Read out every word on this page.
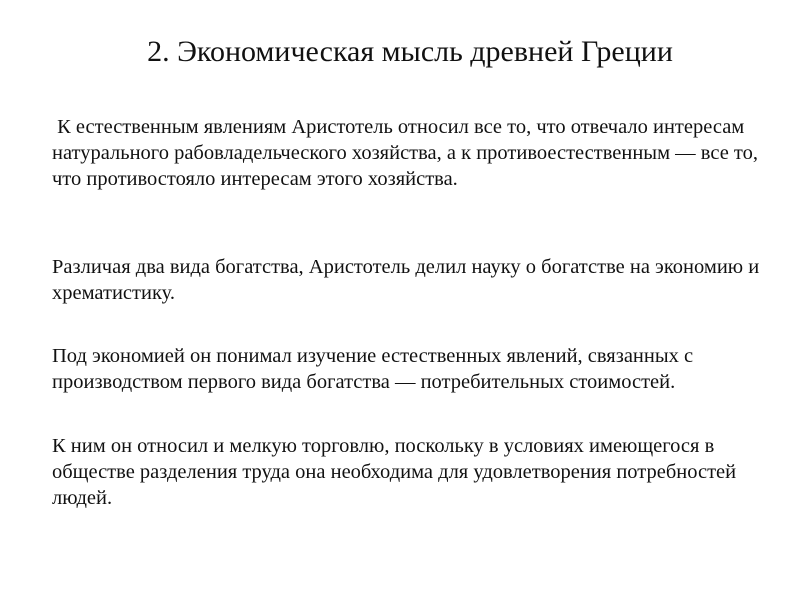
2. Экономическая мысль древней Греции

К естественным явлениям Аристотель относил все то, что отвечало интересам натурального рабовладельческого хозяйства, а к противоестественным — все то, что противостояло интересам этого хозяйства.

Различая два вида богатства, Аристотель делил науку о богатстве на экономию и хрематистику.

Под экономией он понимал изучение естественных явлений, связанных с производством первого вида богатства — потребительных стоимостей.

К ним он относил и мелкую торговлю, поскольку в условиях имеющегося в обществе разделения труда она необходима для удовлетворения потребностей людей.
